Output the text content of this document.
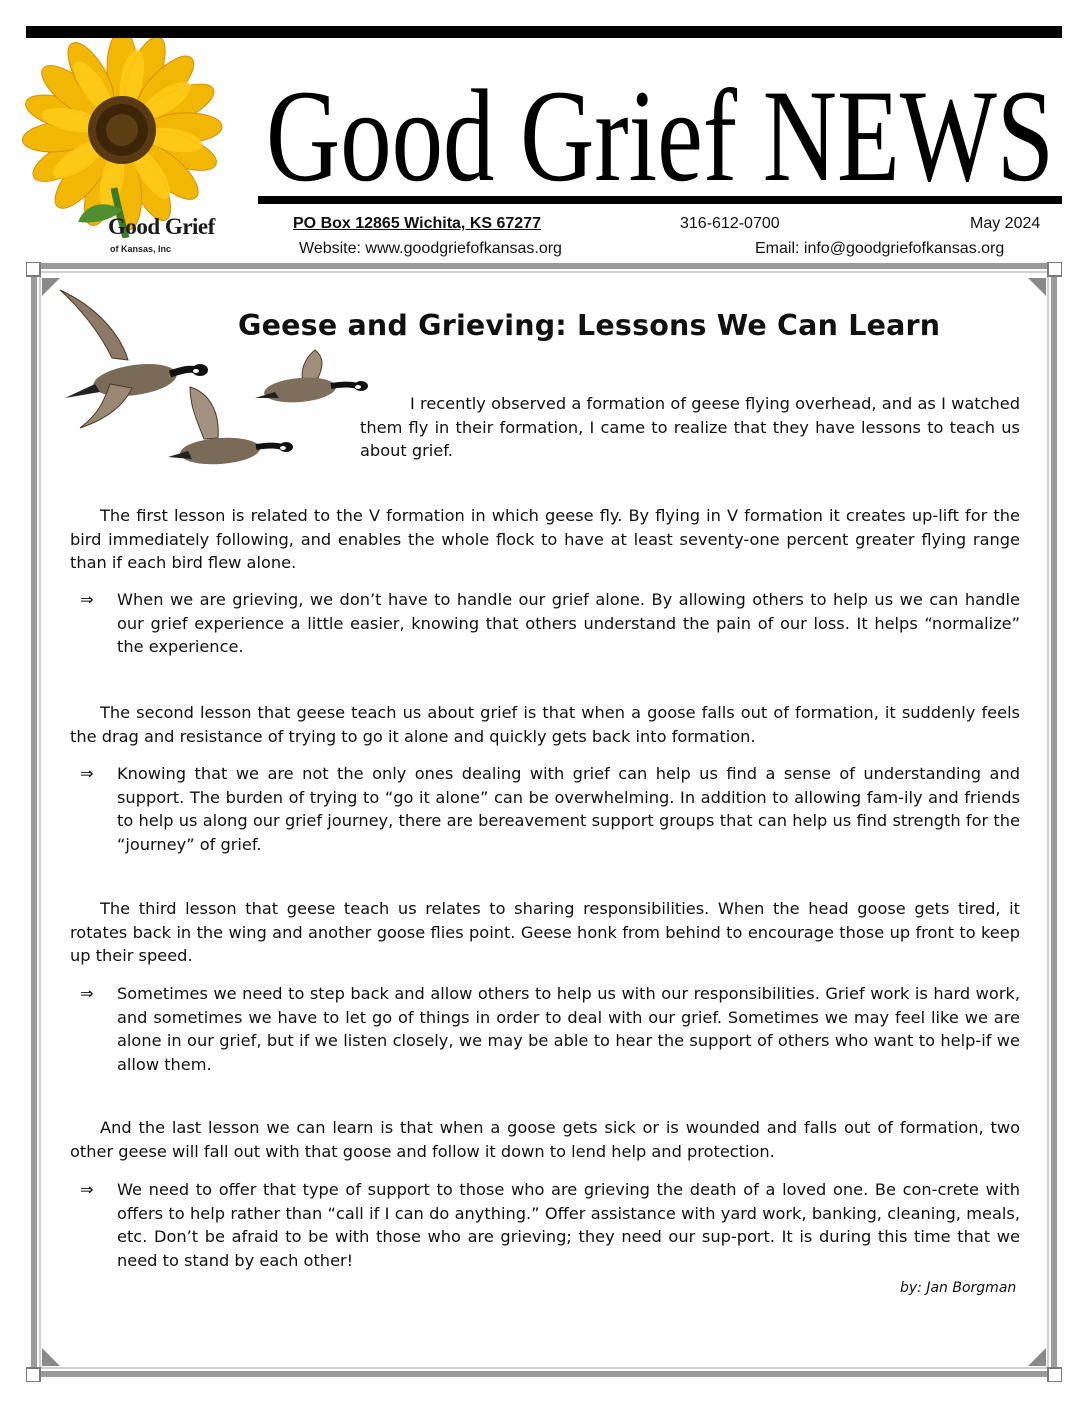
Good Grief
of Kansas, Inc
Good Grief NEWS
PO Box 12865 Wichita, KS 67277	316-612-0700	May 2024
Website: www.goodgriefofkansas.org	Email: info@goodgriefofkansas.org
Geese and Grieving: Lessons We Can Learn
I recently observed a formation of geese flying overhead, and as I watched them fly in their formation, I came to realize that they have lessons to teach us about grief.
The first lesson is related to the V formation in which geese fly. By flying in V formation it creates up-lift for the bird immediately following, and enables the whole flock to have at least seventy-one percent greater flying range than if each bird flew alone.
⇒	When we are grieving, we don’t have to handle our grief alone. By allowing others to help us we can handle our grief experience a little easier, knowing that others understand the pain of our loss. It helps “normalize” the experience.
The second lesson that geese teach us about grief is that when a goose falls out of formation, it suddenly feels the drag and resistance of trying to go it alone and quickly gets back into formation.
⇒	Knowing that we are not the only ones dealing with grief can help us find a sense of understanding and support. The burden of trying to “go it alone” can be overwhelming. In addition to allowing fam-ily and friends to help us along our grief journey, there are bereavement support groups that can help us find strength for the “journey” of grief.
The third lesson that geese teach us relates to sharing responsibilities. When the head goose gets tired, it rotates back in the wing and another goose flies point. Geese honk from behind to encourage those up front to keep up their speed.
⇒	Sometimes we need to step back and allow others to help us with our responsibilities. Grief work is hard work, and sometimes we have to let go of things in order to deal with our grief. Sometimes we may feel like we are alone in our grief, but if we listen closely, we may be able to hear the support of others who want to help-if we allow them.
And the last lesson we can learn is that when a goose gets sick or is wounded and falls out of formation, two other geese will fall out with that goose and follow it down to lend help and protection.
⇒	We need to offer that type of support to those who are grieving the death of a loved one. Be con-crete with offers to help rather than “call if I can do anything.” Offer assistance with yard work, banking, cleaning, meals, etc. Don’t be afraid to be with those who are grieving; they need our sup-port. It is during this time that we need to stand by each other!
by: Jan Borgman
